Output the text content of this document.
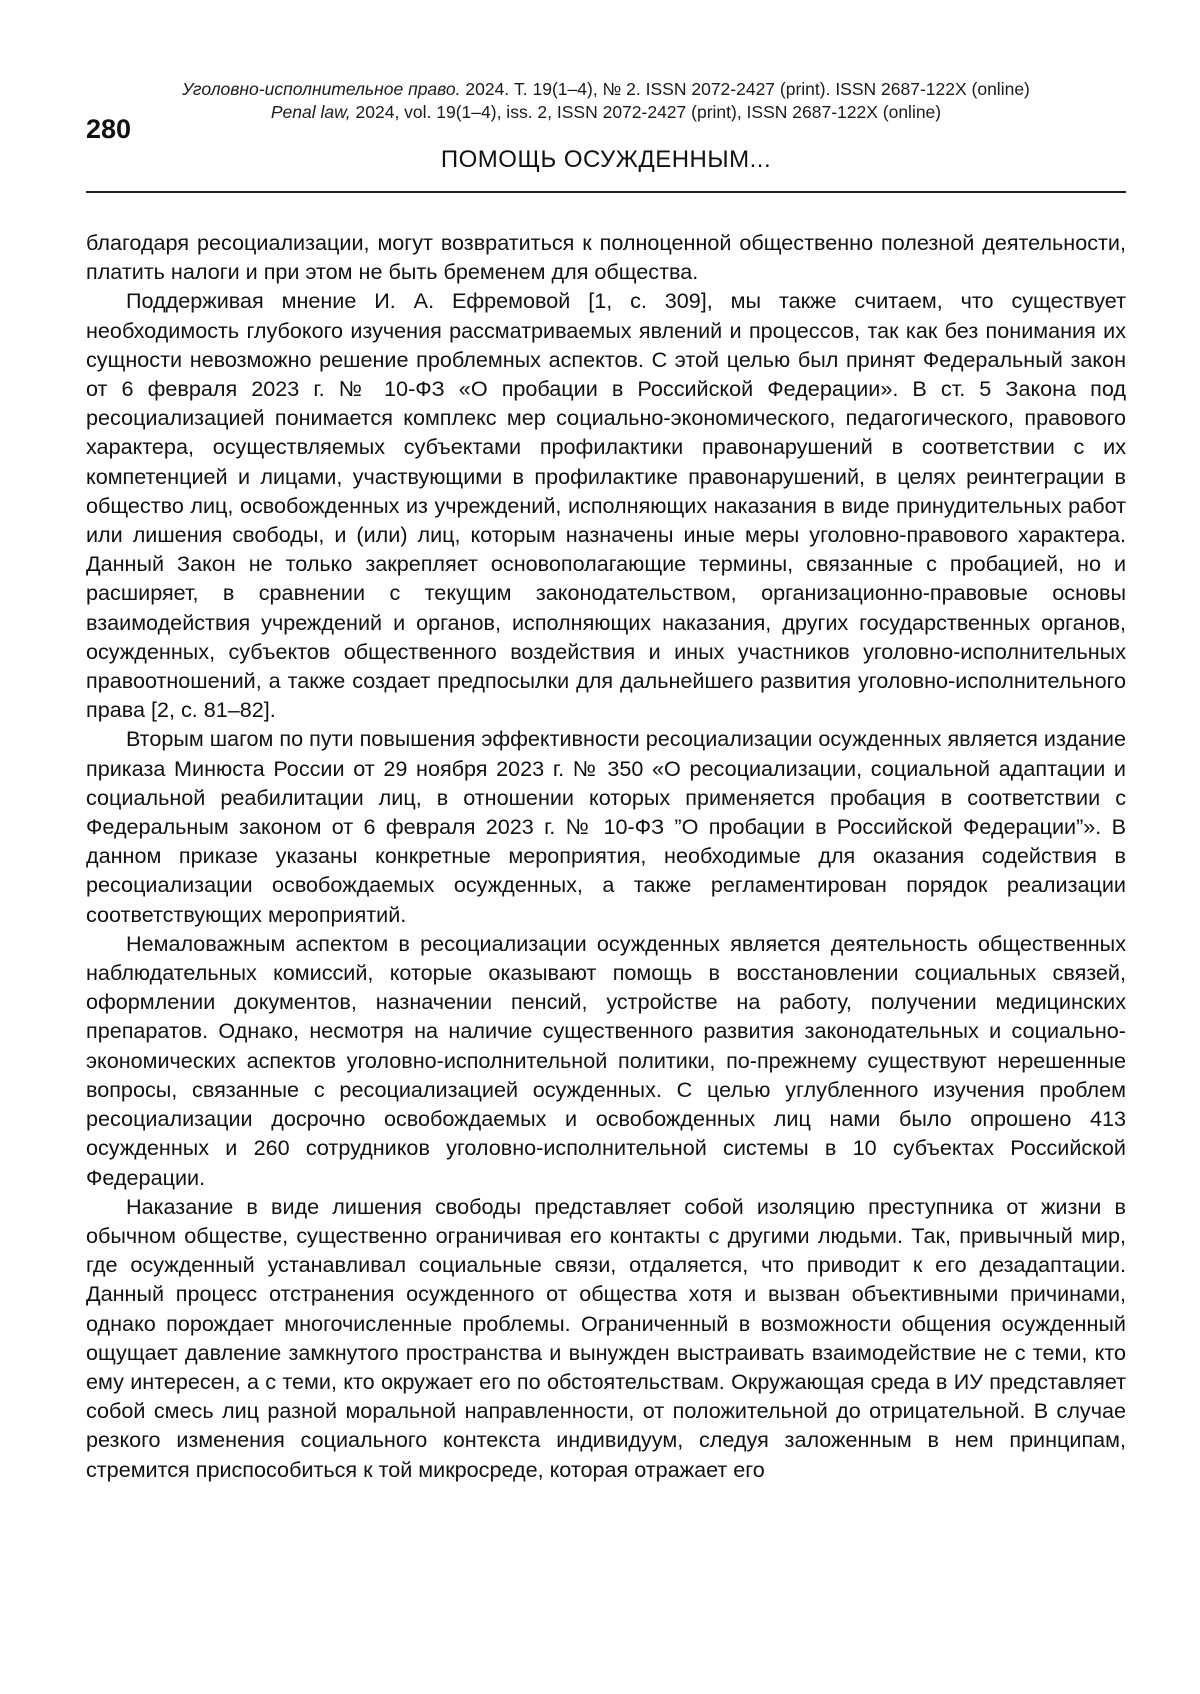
Уголовно-исполнительное право. 2024. Т. 19(1–4), № 2. ISSN 2072-2427 (print). ISSN 2687-122X (online)
Penal law, 2024, vol. 19(1–4), iss. 2, ISSN 2072-2427 (print), ISSN 2687-122X (online)
280
ПОМОЩЬ ОСУЖДЕННЫМ...

благодаря ресоциализации, могут возвратиться к полноценной общественно полезной деятельности, платить налоги и при этом не быть бременем для общества.

Поддерживая мнение И. А. Ефремовой [1, с. 309], мы также считаем, что существует необходимость глубокого изучения рассматриваемых явлений и процессов, так как без понимания их сущности невозможно решение проблемных аспектов. С этой целью был принят Федеральный закон от 6 февраля 2023 г. № 10-ФЗ «О пробации в Российской Федерации». В ст. 5 Закона под ресоциализацией понимается комплекс мер социально-экономического, педагогического, правового характера, осуществляемых субъектами профилактики правонарушений в соответствии с их компетенцией и лицами, участвующими в профилактике правонарушений, в целях реинтеграции в общество лиц, освобожденных из учреждений, исполняющих наказания в виде принудительных работ или лишения свободы, и (или) лиц, которым назначены иные меры уголовно-правового характера. Данный Закон не только закрепляет основополагающие термины, связанные с пробацией, но и расширяет, в сравнении с текущим законодательством, организационно-правовые основы взаимодействия учреждений и органов, исполняющих наказания, других государственных органов, осужденных, субъектов общественного воздействия и иных участников уголовно-исполнительных правоотношений, а также создает предпосылки для дальнейшего развития уголовно-исполнительного права [2, с. 81–82].

Вторым шагом по пути повышения эффективности ресоциализации осужденных является издание приказа Минюста России от 29 ноября 2023 г. № 350 «О ресоциализации, социальной адаптации и социальной реабилитации лиц, в отношении которых применяется пробация в соответствии с Федеральным законом от 6 февраля 2023 г. № 10-ФЗ ”О пробации в Российской Федерации”». В данном приказе указаны конкретные мероприятия, необходимые для оказания содействия в ресоциализации освобождаемых осужденных, а также регламентирован порядок реализации соответствующих мероприятий.

Немаловажным аспектом в ресоциализации осужденных является деятельность общественных наблюдательных комиссий, которые оказывают помощь в восстановлении социальных связей, оформлении документов, назначении пенсий, устройстве на работу, получении медицинских препаратов. Однако, несмотря на наличие существенного развития законодательных и социально-экономических аспектов уголовно-исполнительной политики, по-прежнему существуют нерешенные вопросы, связанные с ресоциализацией осужденных. С целью углубленного изучения проблем ресоциализации досрочно освобождаемых и освобожденных лиц нами было опрошено 413 осужденных и 260 сотрудников уголовно-исполнительной системы в 10 субъектах Российской Федерации.

Наказание в виде лишения свободы представляет собой изоляцию преступника от жизни в обычном обществе, существенно ограничивая его контакты с другими людьми. Так, привычный мир, где осужденный устанавливал социальные связи, отдаляется, что приводит к его дезадаптации. Данный процесс отстранения осужденного от общества хотя и вызван объективными причинами, однако порождает многочисленные проблемы. Ограниченный в возможности общения осужденный ощущает давление замкнутого пространства и вынужден выстраивать взаимодействие не с теми, кто ему интересен, а с теми, кто окружает его по обстоятельствам. Окружающая среда в ИУ представляет собой смесь лиц разной моральной направленности, от положительной до отрицательной. В случае резкого изменения социального контекста индивидуум, следуя заложенным в нем принципам, стремится приспособиться к той микросреде, которая отражает его
